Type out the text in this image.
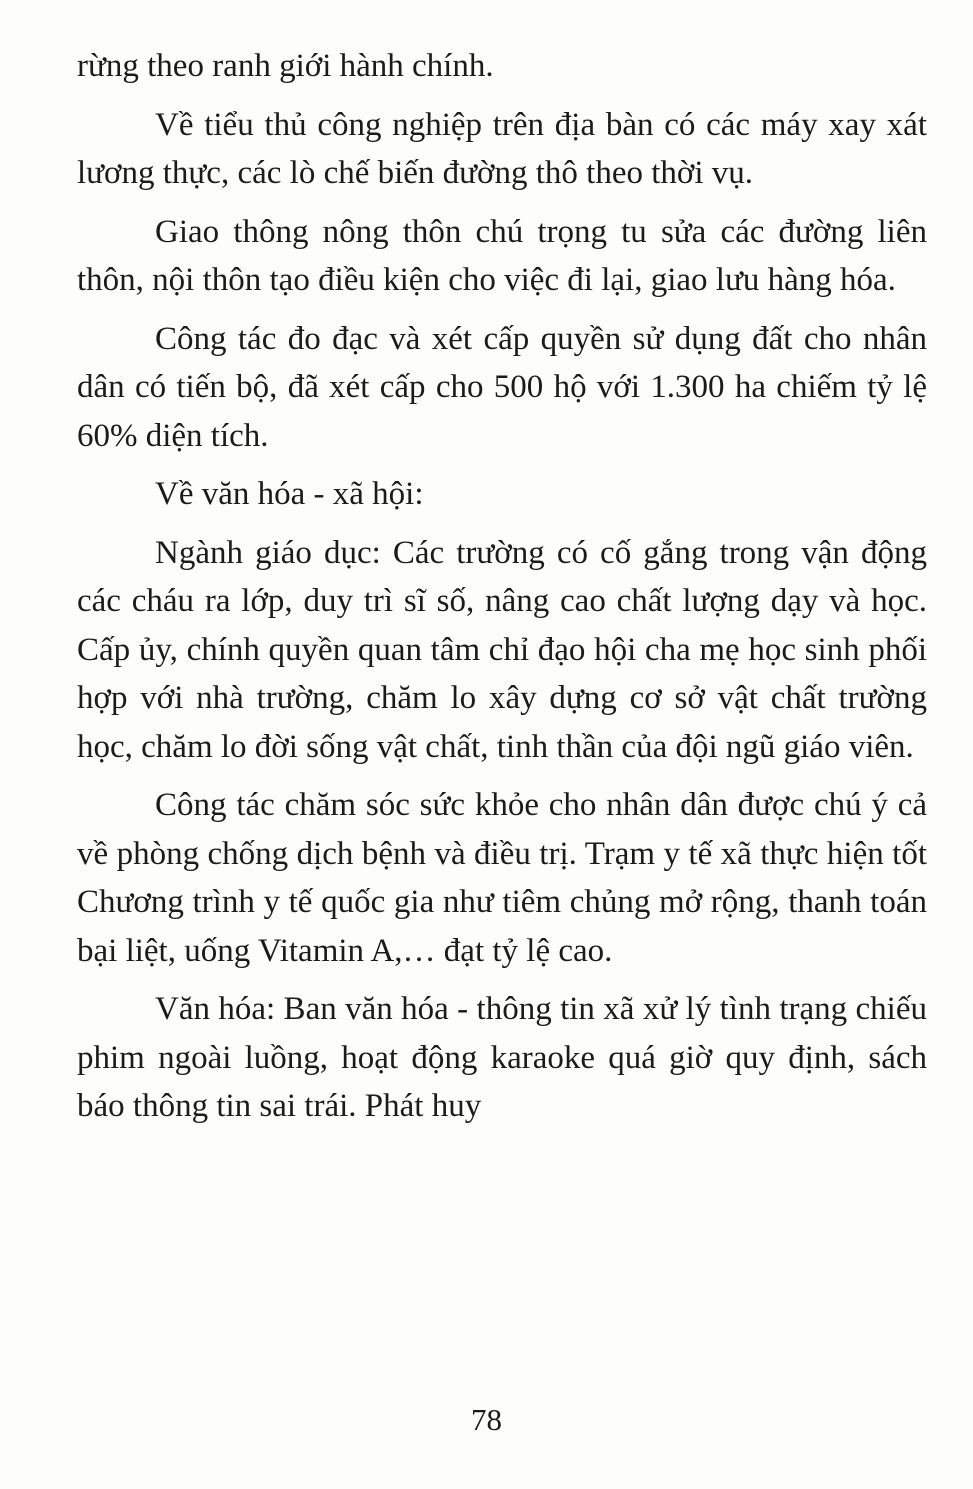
rừng theo ranh giới hành chính.

Về tiểu thủ công nghiệp trên địa bàn có các máy xay xát lương thực, các lò chế biến đường thô theo thời vụ.

Giao thông nông thôn chú trọng tu sửa các đường liên thôn, nội thôn tạo điều kiện cho việc đi lại, giao lưu hàng hóa.

Công tác đo đạc và xét cấp quyền sử dụng đất cho nhân dân có tiến bộ, đã xét cấp cho 500 hộ với 1.300 ha chiếm tỷ lệ 60% diện tích.

Về văn hóa - xã hội:

Ngành giáo dục: Các trường có cố gắng trong vận động các cháu ra lớp, duy trì sĩ số, nâng cao chất lượng dạy và học. Cấp ủy, chính quyền quan tâm chỉ đạo hội cha mẹ học sinh phối hợp với nhà trường, chăm lo xây dựng cơ sở vật chất trường học, chăm lo đời sống vật chất, tinh thần của đội ngũ giáo viên.

Công tác chăm sóc sức khỏe cho nhân dân được chú ý cả về phòng chống dịch bệnh và điều trị. Trạm y tế xã thực hiện tốt Chương trình y tế quốc gia như tiêm chủng mở rộng, thanh toán bại liệt, uống Vitamin A,… đạt tỷ lệ cao.

Văn hóa: Ban văn hóa - thông tin xã xử lý tình trạng chiếu phim ngoài luồng, hoạt động karaoke quá giờ quy định, sách báo thông tin sai trái. Phát huy

78
